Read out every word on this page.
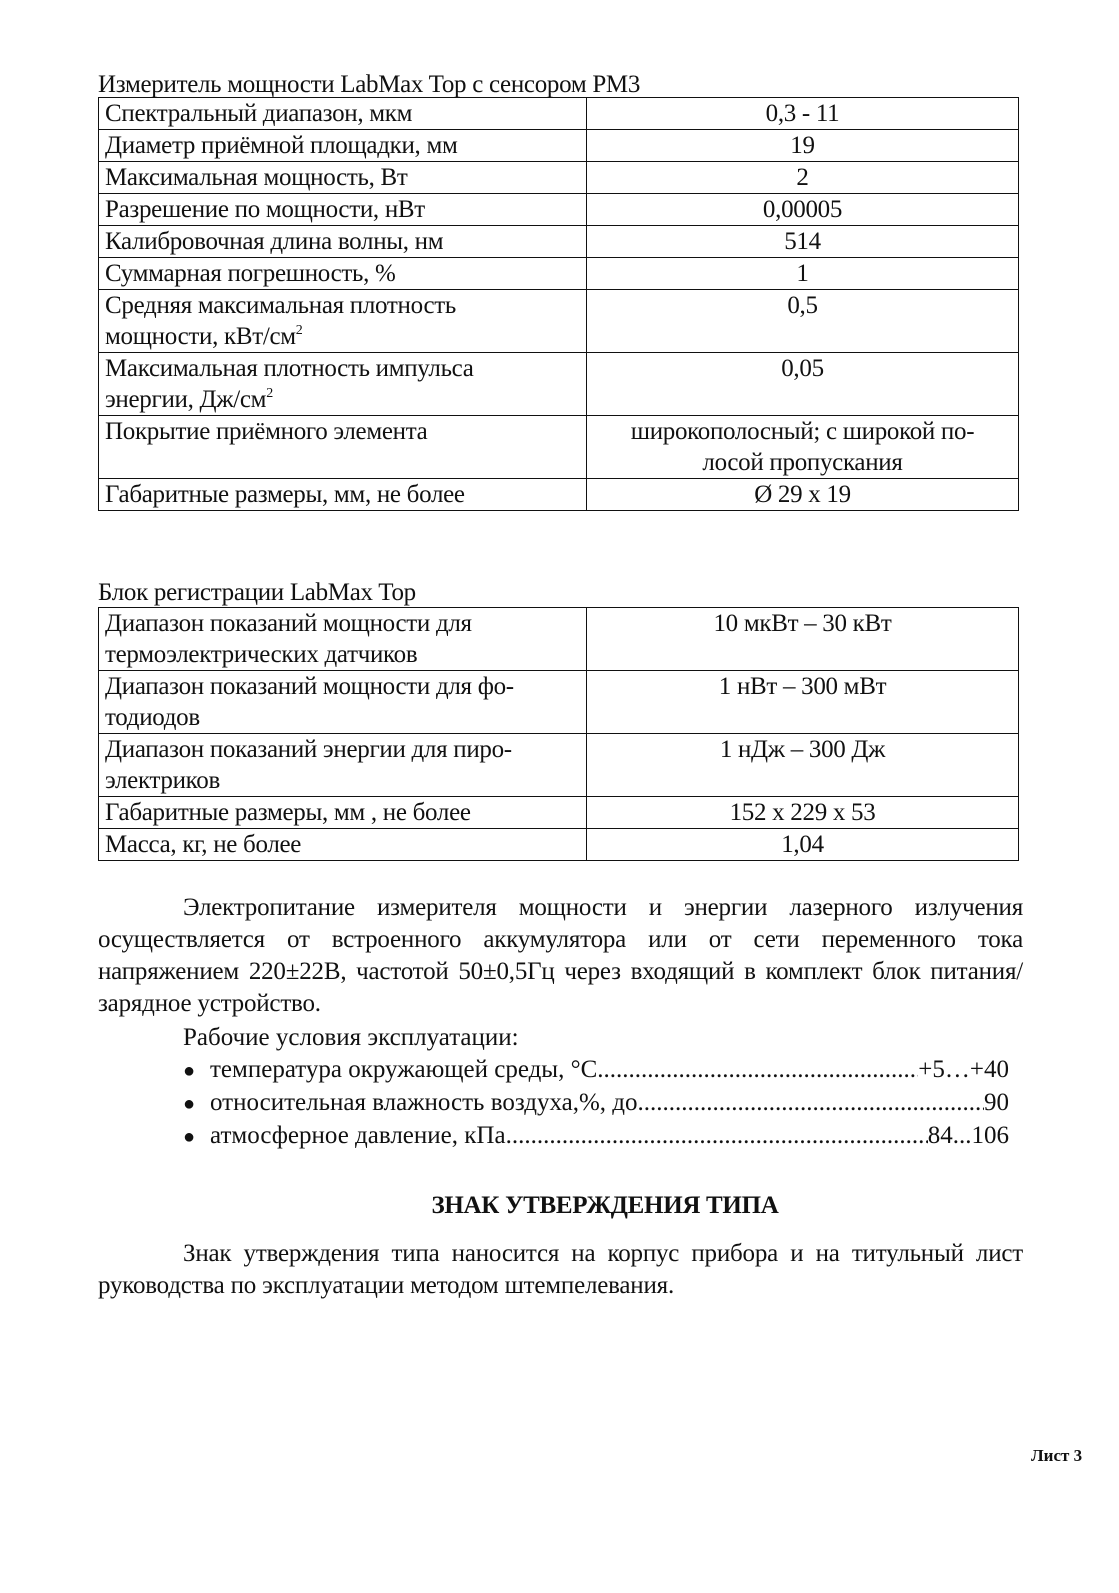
Измеритель мощности LabMax Top с сенсором PM3
Спектральный диапазон, мкм	0,3 - 11
Диаметр приёмной площадки, мм	19
Максимальная мощность, Вт	2
Разрешение по мощности, нВт	0,00005
Калибровочная длина волны, нм	514
Суммарная погрешность, %	1

Средняя максимальная плотность
мощности, кВт/$см^2$	0,5

Максимальная плотность импульса
энергии, $Дж/см^2$	0,05
Покрытие приёмного элемента	широкополосный; с широкой по-
лосой пропускания

Габаритные размеры, мм, не более	Ø 29 х 19
Блок регистрации LabMax Top
Диапазон показаний мощности для
термоэлектрических датчиков	10 мкВт – 30 кВт

Диапазон показаний мощности для фо-
тодиодов	1 нВт – 300 мВт

Диапазон показаний энергии для пиро-
электриков	1 нДж – 300 Дж
Габаритные размеры, мм , не более	152 х 229 х 53
Масса, кг, не более	1,04

Электропитание измерителя мощности и энергии лазерного излучения осуществляется от встроенного аккумулятора или от сети переменного тока напряжением 220±22В, частотой 50±0,5Гц через входящий в комплект блок питания/зарядное устройство.

Рабочие условия эксплуатации:
● температура окружающей среды, °С .....	+5…+40
● относительная влажность воздуха,%, до .....	90
● атмосферное давление, кПа .....	84...106
ЗНАК УТВЕРЖДЕНИЯ ТИПА

Знак утверждения типа наносится на корпус прибора и на титульный лист руководства по эксплуатации методом штемпелевания.

Лист 3
